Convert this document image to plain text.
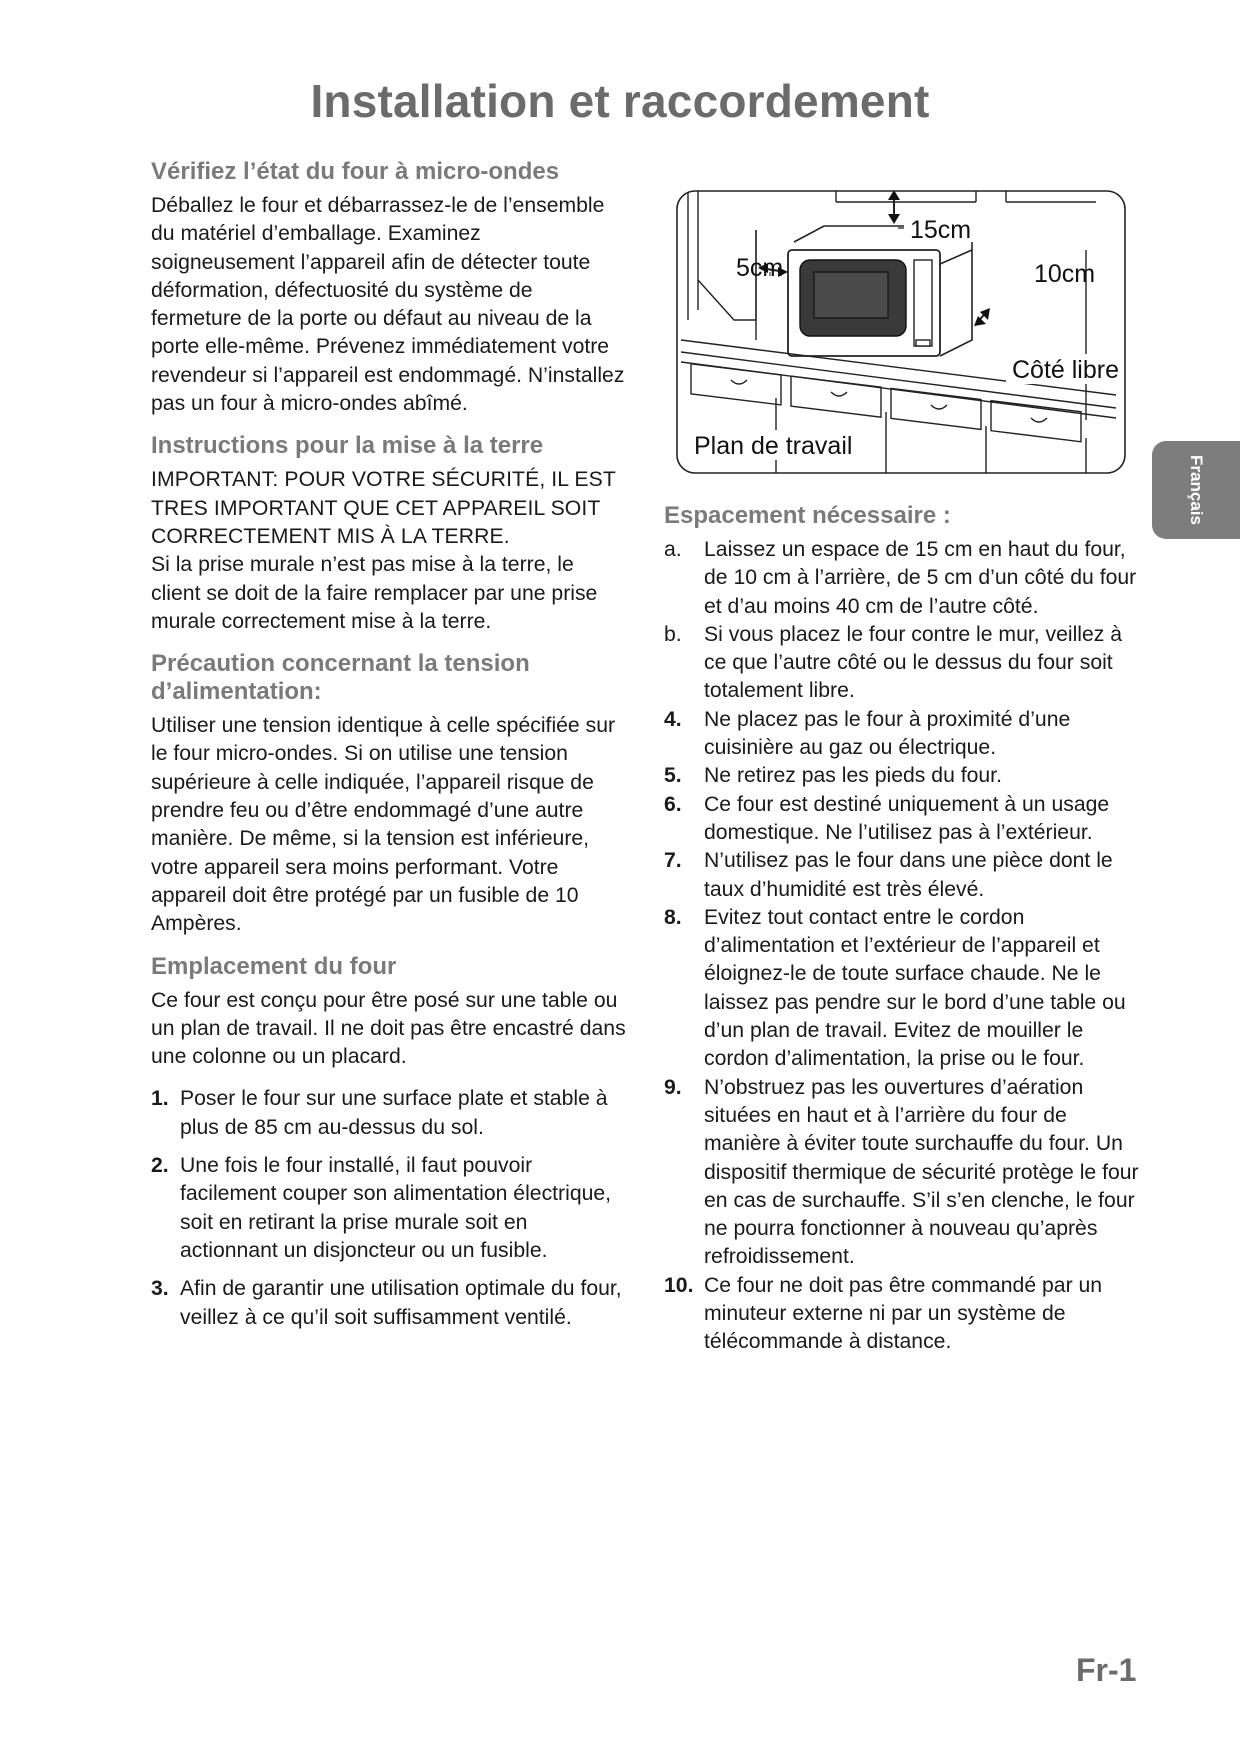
Installation et raccordement
Vérifiez l’état du four à micro-ondes

Déballez le four et débarrassez-le de l’ensemble du matériel d’emballage. Examinez soigneusement l’appareil afin de détecter toute déformation, défectuosité du système de fermeture de la porte ou défaut au niveau de la porte elle-même. Prévenez immédiatement votre revendeur si l’appareil est endommagé. N’installez pas un four à micro-ondes abîmé.

Instructions pour la mise à la terre

IMPORTANT: POUR VOTRE SÉCURITÉ, IL EST TRES IMPORTANT QUE CET APPAREIL SOIT CORRECTEMENT MIS À LA TERRE.

Si la prise murale n’est pas mise à la terre, le client se doit de la faire remplacer par une prise murale correctement mise à la terre.

Précaution concernant la tension d’alimentation:

Utiliser une tension identique à celle spécifiée sur le four micro-ondes. Si on utilise une tension supérieure à celle indiquée, l’appareil risque de prendre feu ou d’être endommagé d’une autre manière. De même, si la tension est inférieure, votre appareil sera moins performant. Votre appareil doit être protégé par un fusible de 10 Ampères.

Emplacement du four

Ce four est conçu pour être posé sur une table ou un plan de travail. Il ne doit pas être encastré dans une colonne ou un placard.

1. Poser le four sur une surface plate et stable à plus de 85 cm au-dessus du sol.
2. Une fois le four installé, il faut pouvoir facilement couper son alimentation électrique, soit en retirant la prise murale soit en actionnant un disjoncteur ou un fusible.
3. Afin de garantir une utilisation optimale du four, veillez à ce qu’il soit suffisamment ventilé.
15cm
5cm	10cm
Côté libre
Plan de travail
Espacement nécessaire :
a. Laissez un espace de 15 cm en haut du four, de 10 cm à l’arrière, de 5 cm d’un côté du four et d’au moins 40 cm de l’autre côté.
b. Si vous placez le four contre le mur, veillez à ce que l’autre côté ou le dessus du four soit totalement libre.
4. Ne placez pas le four à proximité d’une cuisinière au gaz ou électrique.
5. Ne retirez pas les pieds du four.
6. Ce four est destiné uniquement à un usage domestique. Ne l’utilisez pas à l’extérieur.
7. N’utilisez pas le four dans une pièce dont le taux d’humidité est très élevé.
8. Evitez tout contact entre le cordon d’alimentation et l’extérieur de l’appareil et éloignez-le de toute surface chaude. Ne le laissez pas pendre sur le bord d’une table ou d’un plan de travail. Evitez de mouiller le cordon d’alimentation, la prise ou le four.
9. N’obstruez pas les ouvertures d’aération situées en haut et à l’arrière du four de manière à éviter toute surchauffe du four. Un dispositif thermique de sécurité protège le four en cas de surchauffe. S’il s’en clenche, le four ne pourra fonctionner à nouveau qu’après refroidissement.
10. Ce four ne doit pas être commandé par un minuteur externe ni par un système de télécommande à distance.
Français
Fr-1
